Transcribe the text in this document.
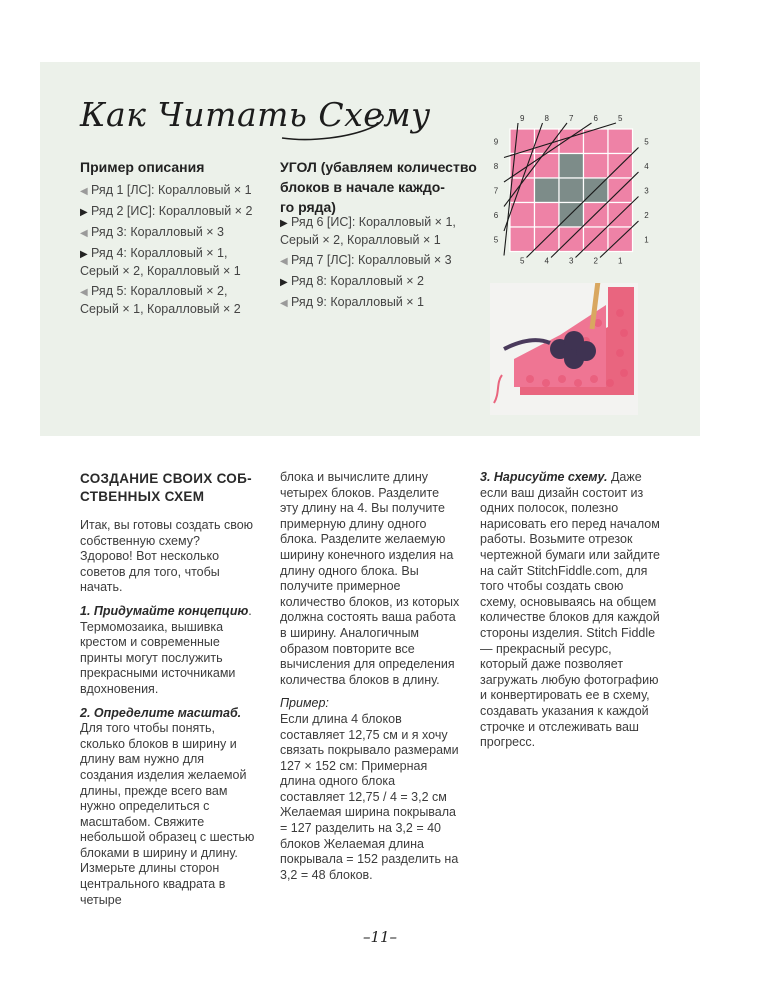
Как Читать Схему
Пример описания
◀ Ряд 1 [ЛС]: Коралловый × 1
▶ Ряд 2 [ИС]: Коралловый × 2
◀ Ряд 3: Коралловый × 3
▶ Ряд 4: Коралловый × 1,
Серый × 2, Коралловый × 1
◀ Ряд 5: Коралловый × 2,
Серый × 1, Коралловый × 2
УГОЛ (убавляем количество
блоков в начале каждо-
го ряда)
▶ Ряд 6 [ИС]: Коралловый × 1,
Серый × 2, Коралловый × 1
◀ Ряд 7 [ЛС]: Коралловый × 3
▶ Ряд 8: Коралловый × 2
◀ Ряд 9: Коралловый × 1
9	8	7	6	5
5	4	3	2	1
9
8
7
6
5
5
4
3
2
1
СОЗДАНИЕ СВОИХ СОБ-
СТВЕННЫХ СХЕМ

Итак, вы готовы создать свою собственную схему? Здорово! Вот несколько советов для того, чтобы начать.

1. Придумайте концепцию. Термомозаика, вышивка крестом и современные принты могут послужить прекрасными источниками вдохновения.

2. Определите масштаб. Для того чтобы понять, сколько блоков в ширину и длину вам нужно для создания изделия желаемой длины, прежде всего вам нужно определиться с масштабом. Свяжите небольшой образец с шестью блоками в ширину и длину. Измерьте длины сторон центрального квадрата в четыре

блока и вычислите длину четырех блоков. Разделите эту длину на 4. Вы получите примерную длину одного блока. Разделите желаемую ширину конечного изделия на длину одного блока. Вы получите примерное количество блоков, из которых должна состоять ваша работа в ширину. Аналогичным образом повторите все вычисления для определения количества блоков в длину.

Пример:

Если длина 4 блоков составляет 12,75 см и я хочу связать покрывало размерами 127 × 152 см: Примерная длина одного блока составляет 12,75 / 4 = 3,2 см Желаемая ширина покрывала = 127 разделить на 3,2 = 40 блоков Желаемая длина покрывала = 152 разделить на 3,2 = 48 блоков.

3. Нарисуйте схему. Даже если ваш дизайн состоит из одних полосок, полезно нарисовать его перед началом работы. Возьмите отрезок чертежной бумаги или зайдите на сайт StitchFiddle.com, для того чтобы создать свою схему, основываясь на общем количестве блоков для каждой стороны изделия. Stitch Fiddle — прекрасный ресурс, который даже позволяет загружать любую фотографию и конвертировать ее в схему, создавать указания к каждой строчке и отслеживать ваш прогресс.

–11–
